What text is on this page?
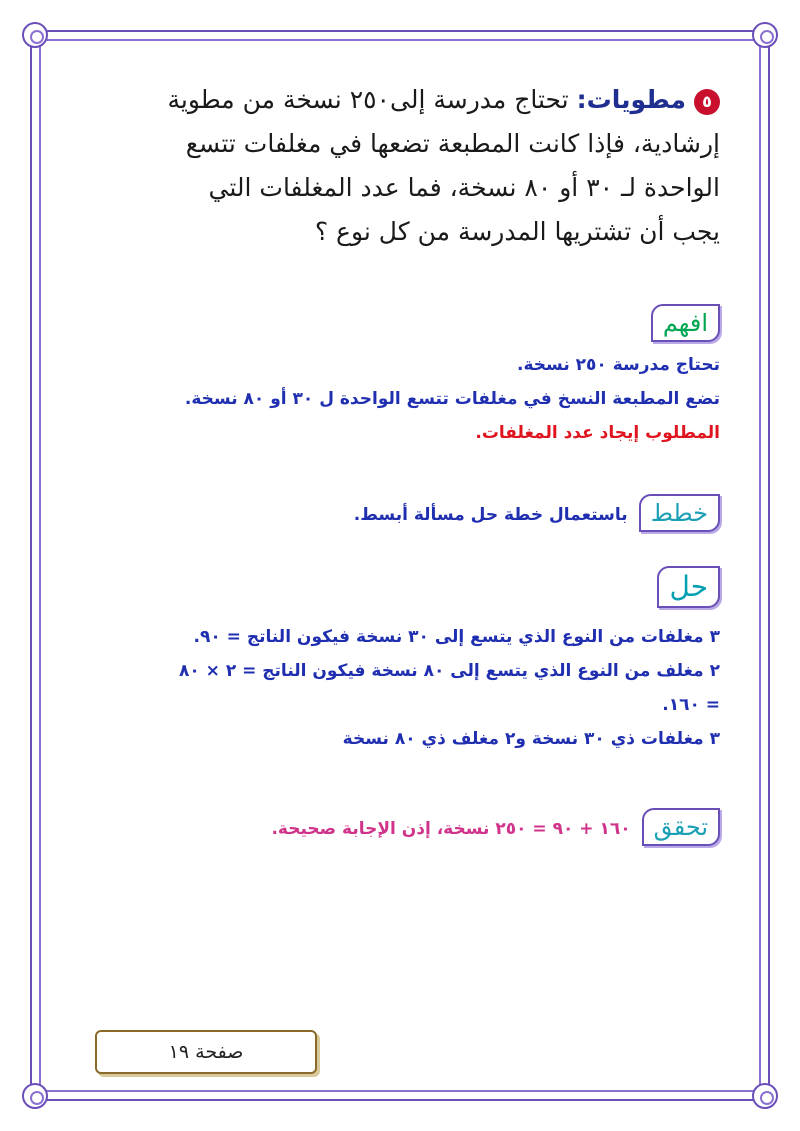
٥مطويات: تحتاج مدرسة إلى٢٥٠ نسخة من مطوية
إرشادية، فإذا كانت المطبعة تضعها في مغلفات تتسع
الواحدة لـ ٣٠ أو ٨٠ نسخة، فما عدد المغلفات التي
يجب أن تشتريها المدرسة من كل نوع ؟
افهم
تحتاج مدرسة ٢٥٠ نسخة.
تضع المطبعة النسخ في مغلفات تتسع الواحدة ل ٣٠ أو ٨٠ نسخة.
المطلوب إيجاد عدد المغلفات.
خطط باستعمال خطة حل مسألة أبسط.
حل
٣ مغلفات من النوع الذي يتسع إلى ٣٠ نسخة فيكون الناتج = ٩٠.
٢ مغلف من النوع الذي يتسع إلى ٨٠ نسخة فيكون الناتج = ٢ × ٨٠
= ١٦٠.
٣ مغلفات ذي ٣٠ نسخة و٢ مغلف ذي ٨٠ نسخة
تحقق ١٦٠ + ٩٠ = ٢٥٠ نسخة، إذن الإجابة صحيحة.
صفحة ١٩
